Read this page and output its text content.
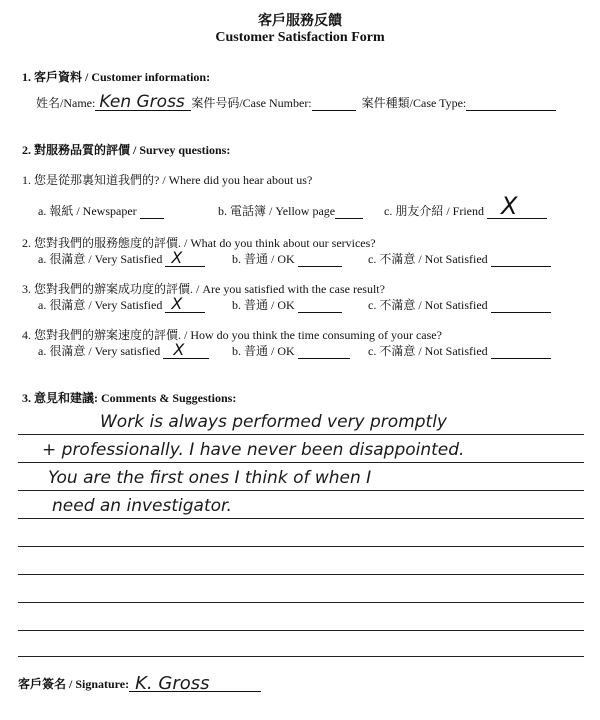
客戶服務反饋
Customer Satisfaction Form
1. 客戶資料 / Customer information:
姓名/Name: Ken Gross 案件号码/Case Number:	案件種類/Case Type:
2. 對服務品質的評價 / Survey questions:
1. 您是從那裏知道我們的? / Where did you hear about us?
a. 報紙 / Newspaper	b. 電話簿 / Yellow page	c. 朋友介紹 / Friend X
2. 您對我們的服務態度的評價. / What do you think about our services?
a. 很滿意 / Very Satisfied X	b. 普通 / OK	c. 不滿意 / Not Satisfied
3. 您對我們的辦案成功度的評價. / Are you satisfied with the case result?
a. 很滿意 / Very Satisfied X	b. 普通 / OK	c. 不滿意 / Not Satisfied
4. 您對我們的辦案速度的評價. / How do you think the time consuming of your case?
a. 很滿意 / Very satisfied X	b. 普通 / OK	c. 不滿意 / Not Satisfied
3. 意見和建議: Comments & Suggestions:
Work is always performed very promptly
+ professionally. I have never been disappointed.
You are the first ones I think of when I
need an investigator.
客戶簽名 / Signature: K. Gross
